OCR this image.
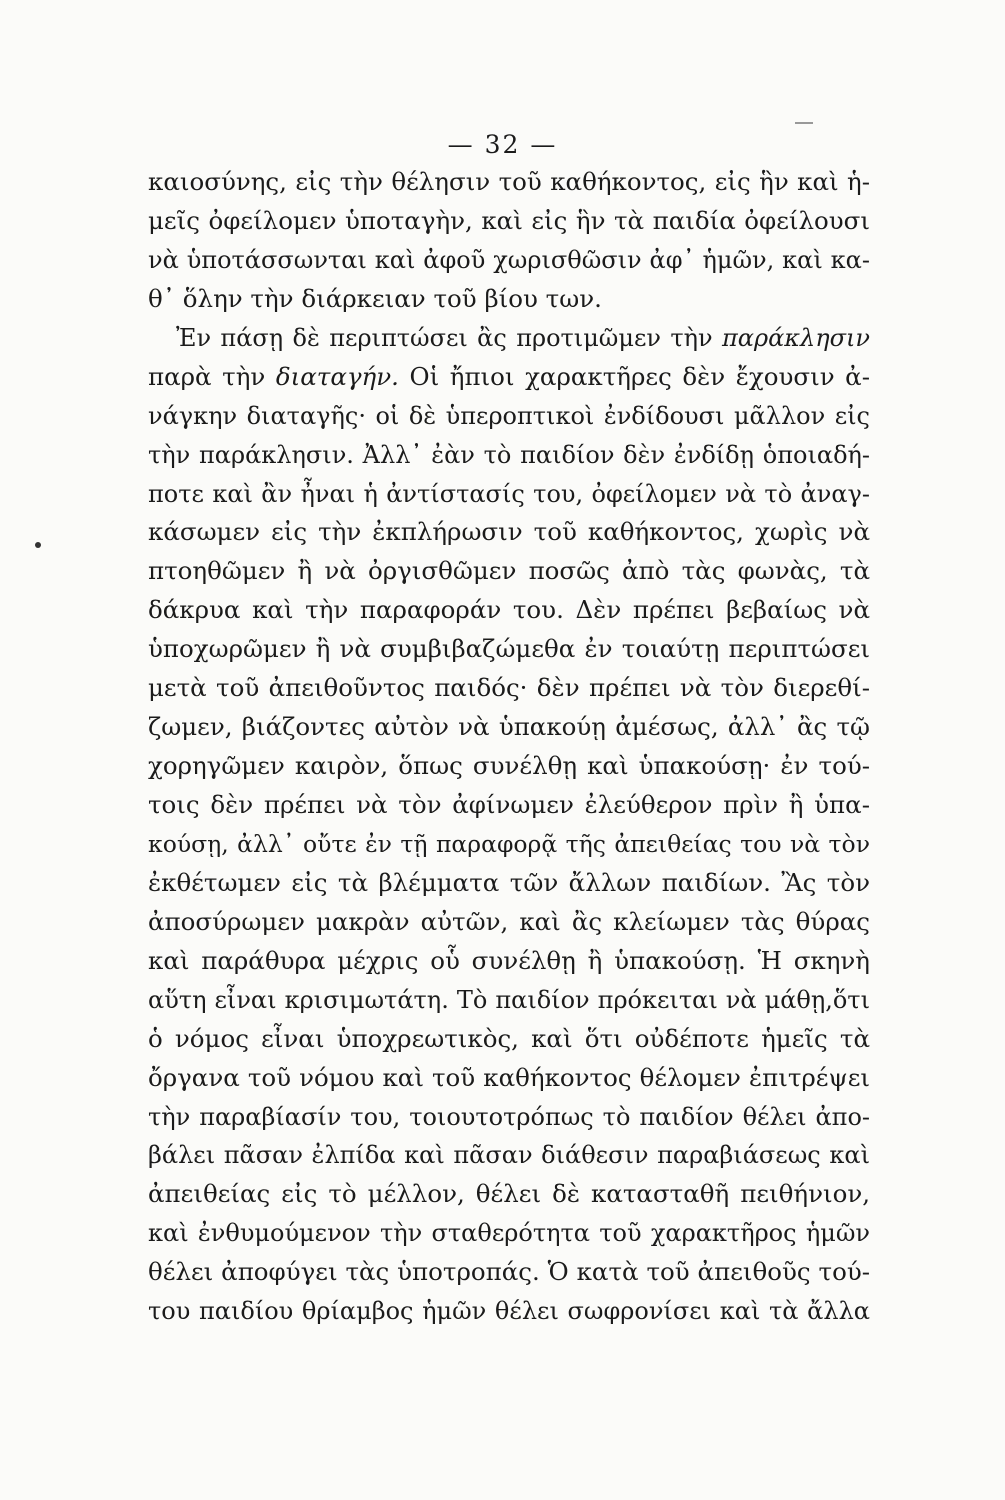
— 32 —
καιοσύνης, εἰς τὴν θέλησιν τοῦ καθήκοντος, εἰς ἣν καὶ ἡ-
μεῖς ὀφείλομεν ὑποταγὴν, καὶ εἰς ἣν τὰ παιδία ὀφείλουσι
νὰ ὑποτάσσωνται καὶ ἀφοῦ χωρισθῶσιν ἀφ᾽ ἡμῶν, καὶ κα-
θ᾽ ὅλην τὴν διάρκειαν τοῦ βίου των.
Ἐν πάσῃ δὲ περιπτώσει ἂς προτιμῶμεν τὴν παράκλησιν
παρὰ τὴν διαταγήν. Οἱ ἤπιοι χαρακτῆρες δὲν ἔχουσιν ἀ-
νάγκην διαταγῆς· οἱ δὲ ὑπεροπτικοὶ ἐνδίδουσι μᾶλλον εἰς
τὴν παράκλησιν. Ἀλλ᾽ ἐὰν τὸ παιδίον δὲν ἐνδίδῃ ὁποιαδή-
ποτε καὶ ἂν ἦναι ἡ ἀντίστασίς του, ὀφείλομεν νὰ τὸ ἀναγ-
κάσωμεν εἰς τὴν ἐκπλήρωσιν τοῦ καθήκοντος, χωρὶς νὰ
πτοηθῶμεν ἢ νὰ ὀργισθῶμεν ποσῶς ἀπὸ τὰς φωνὰς, τὰ
δάκρυα καὶ τὴν παραφοράν του. Δὲν πρέπει βεβαίως νὰ
ὑποχωρῶμεν ἢ νὰ συμβιβαζώμεθα ἐν τοιαύτῃ περιπτώσει
μετὰ τοῦ ἀπειθοῦντος παιδός· δὲν πρέπει νὰ τὸν διερεθί-
ζωμεν, βιάζοντες αὐτὸν νὰ ὑπακούῃ ἀμέσως, ἀλλ᾽ ἂς τῷ
χορηγῶμεν καιρὸν, ὅπως συνέλθῃ καὶ ὑπακούσῃ· ἐν τού-
τοις δὲν πρέπει νὰ τὸν ἀφίνωμεν ἐλεύθερον πρὶν ἢ ὑπα-
κούσῃ, ἀλλ᾽ οὔτε ἐν τῇ παραφορᾷ τῆς ἀπειθείας του νὰ τὸν
ἐκθέτωμεν εἰς τὰ βλέμματα τῶν ἄλλων παιδίων. Ἂς τὸν
ἀποσύρωμεν μακρὰν αὐτῶν, καὶ ἂς κλείωμεν τὰς θύρας
καὶ παράθυρα μέχρις οὗ συνέλθῃ ἢ ὑπακούσῃ. Ἡ σκηνὴ
αὕτη εἶναι κρισιμωτάτη. Τὸ παιδίον πρόκειται νὰ μάθῃ,ὅτι
ὁ νόμος εἶναι ὑποχρεωτικὸς, καὶ ὅτι οὐδέποτε ἡμεῖς τὰ
ὄργανα τοῦ νόμου καὶ τοῦ καθήκοντος θέλομεν ἐπιτρέψει
τὴν παραβίασίν του, τοιουτοτρόπως τὸ παιδίον θέλει ἀπο-
βάλει πᾶσαν ἐλπίδα καὶ πᾶσαν διάθεσιν παραβιάσεως καὶ
ἀπειθείας εἰς τὸ μέλλον, θέλει δὲ κατασταθῆ πειθήνιον,
καὶ ἐνθυμούμενον τὴν σταθερότητα τοῦ χαρακτῆρος ἡμῶν
θέλει ἀποφύγει τὰς ὑποτροπάς. Ὁ κατὰ τοῦ ἀπειθοῦς τού-
του παιδίου θρίαμβος ἡμῶν θέλει σωφρονίσει καὶ τὰ ἄλλα
